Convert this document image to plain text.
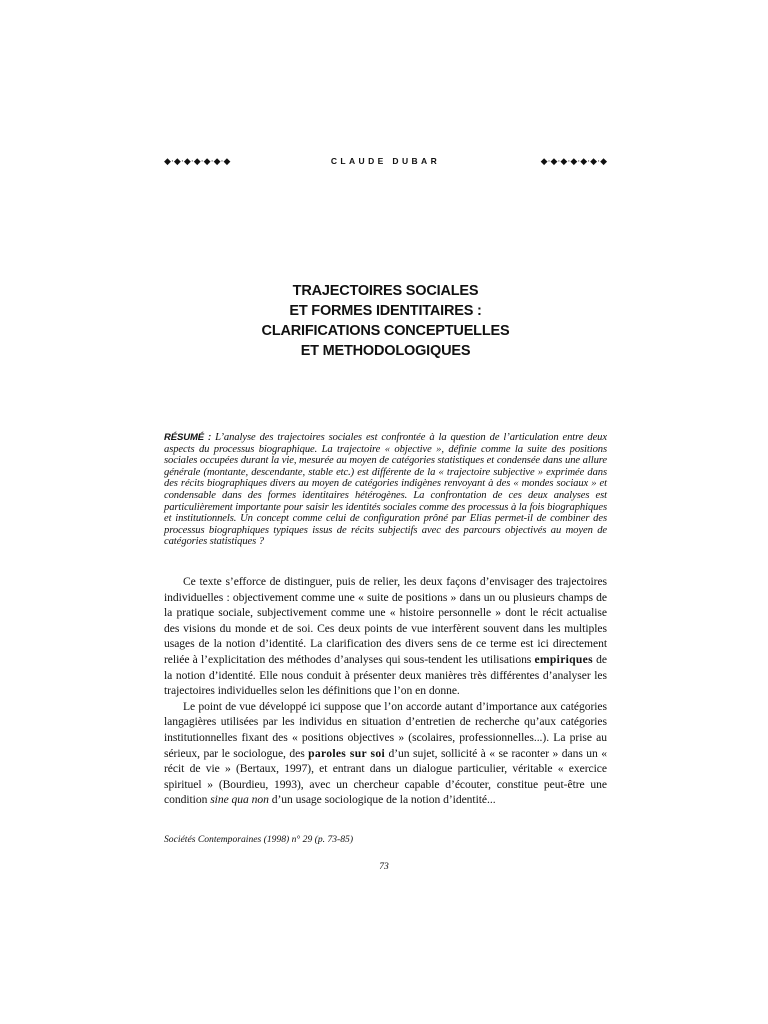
◆·◆·◆·◆·◆·◆·◆	CLAUDE DUBAR	◆·◆·◆·◆·◆·◆·◆
TRAJECTOIRES SOCIALES
ET FORMES IDENTITAIRES :
CLARIFICATIONS CONCEPTUELLES
ET METHODOLOGIQUES
RÉSUMÉ : L’analyse des trajectoires sociales est confrontée à la question de l’articulation entre deux aspects du processus biographique. La trajectoire « objective », définie comme la suite des positions sociales occupées durant la vie, mesurée au moyen de catégories statistiques et condensée dans une allure générale (montante, descendante, stable etc.) est différente de la « trajectoire subjective » exprimée dans des récits biographiques divers au moyen de catégories indigènes renvoyant à des « mondes sociaux » et condensable dans des formes identitaires hétérogènes. La confrontation de ces deux analyses est particulièrement importante pour saisir les identités sociales comme des processus à la fois biographiques et institutionnels. Un concept comme celui de configuration prôné par Elias permet-il de combiner des processus biographiques typiques issus de récits subjectifs avec des parcours objectivés au moyen de catégories statistiques ?

Ce texte s’efforce de distinguer, puis de relier, les deux façons d’envisager des trajectoires individuelles : objectivement comme une « suite de positions » dans un ou plusieurs champs de la pratique sociale, subjectivement comme une « histoire personnelle » dont le récit actualise des visions du monde et de soi. Ces deux points de vue interfèrent souvent dans les multiples usages de la notion d’identité. La clarification des divers sens de ce terme est ici directement reliée à l’explicitation des méthodes d’analyses qui sous-tendent les utilisations empiriques de la notion d’identité. Elle nous conduit à présenter deux manières très différentes d’analyser les trajectoires individuelles selon les définitions que l’on en donne.

Le point de vue développé ici suppose que l’on accorde autant d’importance aux catégories langagières utilisées par les individus en situation d’entretien de recherche qu’aux catégories institutionnelles fixant des « positions objectives » (scolaires, professionnelles...). La prise au sérieux, par le sociologue, des paroles sur soi d’un sujet, sollicité à « se raconter » dans un « récit de vie » (Bertaux, 1997), et entrant dans un dialogue particulier, véritable « exercice spirituel » (Bourdieu, 1993), avec un chercheur capable d’écouter, constitue peut-être une condition sine qua non d’un usage sociologique de la notion d’identité...

Sociétés Contemporaines (1998) n° 29 (p. 73-85)
73
